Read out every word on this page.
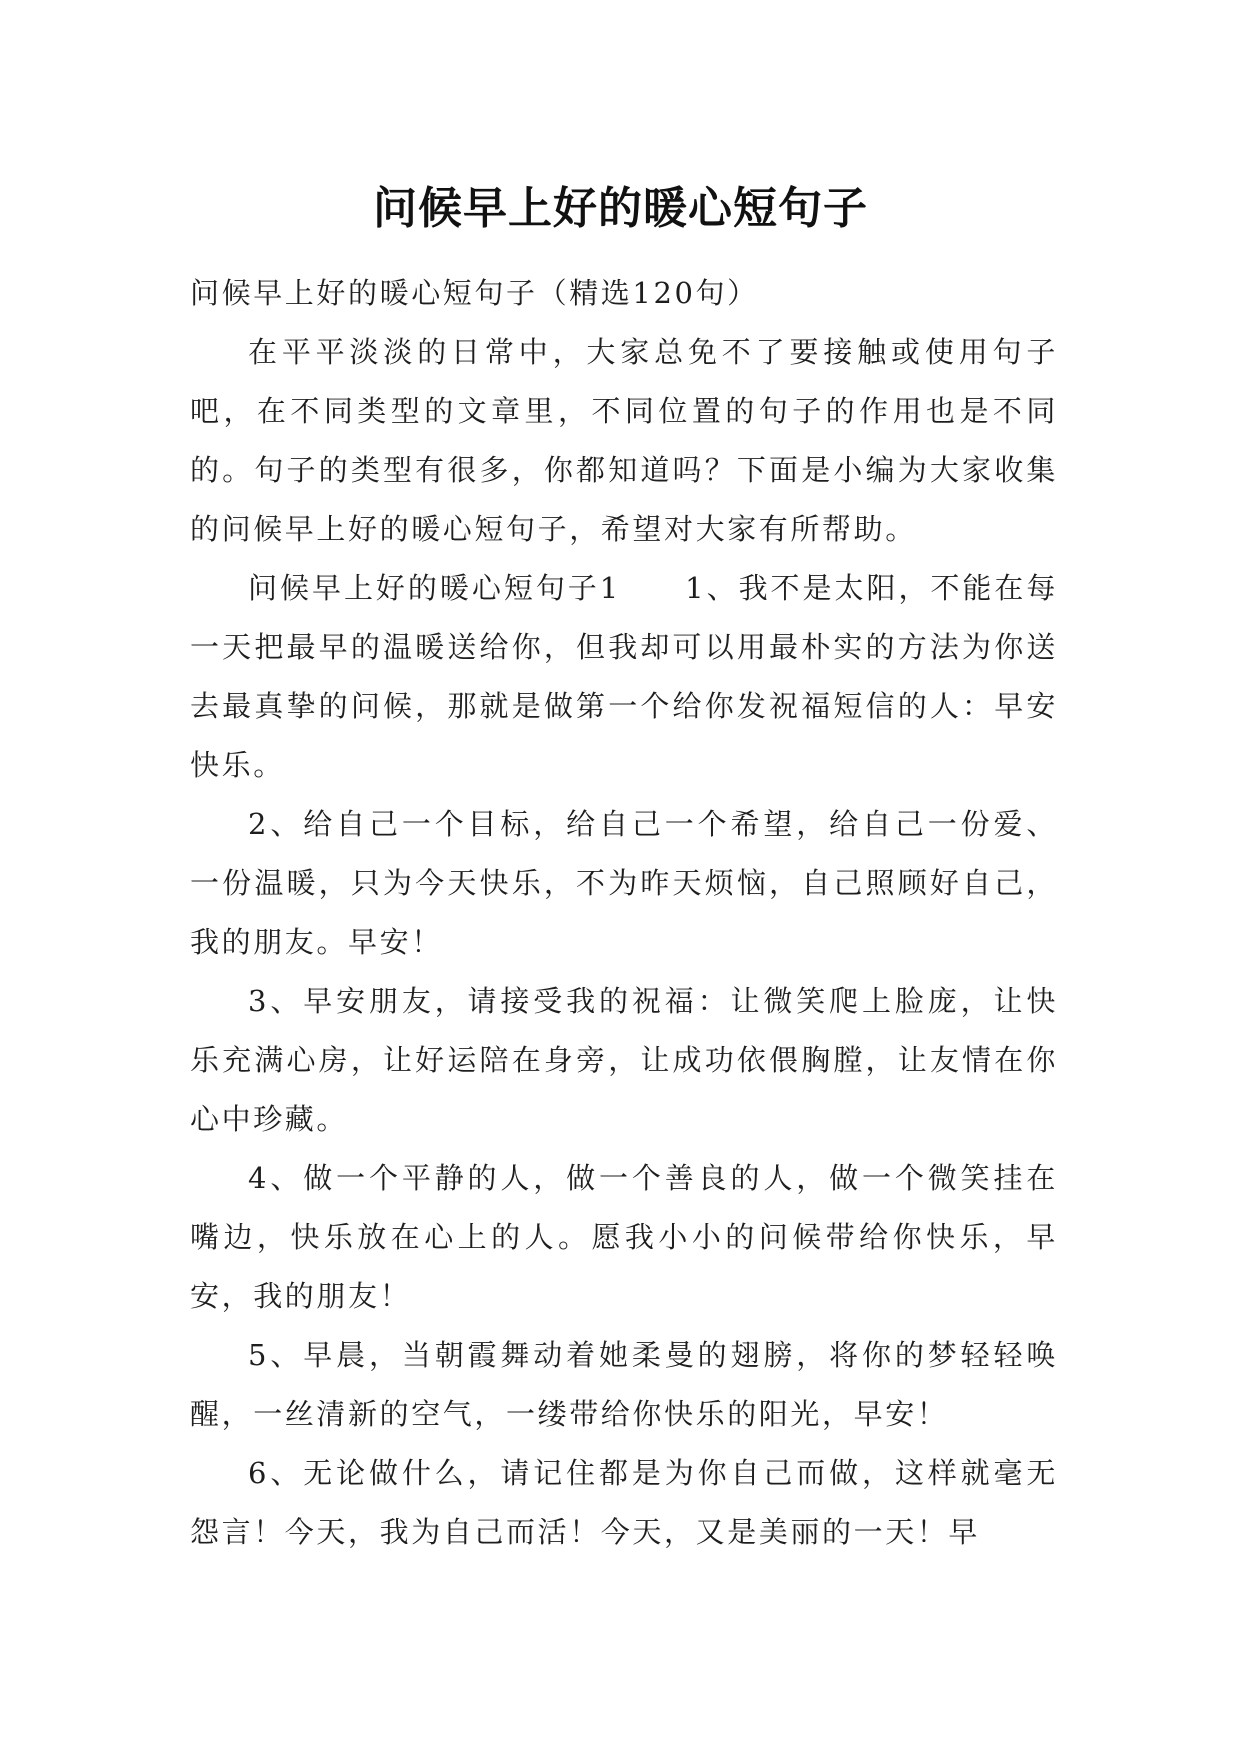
问候早上好的暖心短句子

问候早上好的暖心短句子（精选120句）

在平平淡淡的日常中，大家总免不了要接触或使用句子吧，在不同类型的文章里，不同位置的句子的作用也是不同的。句子的类型有很多，你都知道吗？下面是小编为大家收集的问候早上好的暖心短句子，希望对大家有所帮助。

问候早上好的暖心短句子1　　1、我不是太阳，不能在每一天把最早的温暖送给你，但我却可以用最朴实的方法为你送去最真挚的问候，那就是做第一个给你发祝福短信的人：早安快乐。

2、给自己一个目标，给自己一个希望，给自己一份爱、一份温暖，只为今天快乐，不为昨天烦恼，自己照顾好自己，我的朋友。早安！

3、早安朋友，请接受我的祝福：让微笑爬上脸庞，让快乐充满心房，让好运陪在身旁，让成功依偎胸膛，让友情在你心中珍藏。

4、做一个平静的人，做一个善良的人，做一个微笑挂在嘴边，快乐放在心上的人。愿我小小的问候带给你快乐，早安，我的朋友！

5、早晨，当朝霞舞动着她柔曼的翅膀，将你的梦轻轻唤醒，一丝清新的空气，一缕带给你快乐的阳光，早安！

6、无论做什么，请记住都是为你自己而做，这样就毫无怨言！今天，我为自己而活！今天，又是美丽的一天！早
